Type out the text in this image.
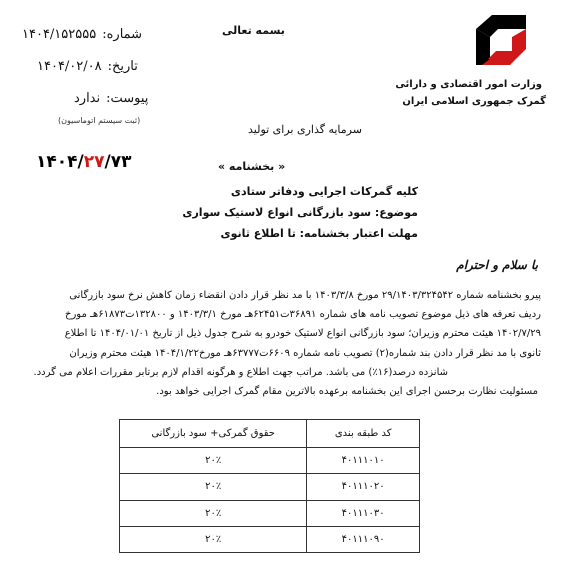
شماره:۱۴۰۴/۱۵۲۵۵۵
تاریخ:۱۴۰۴/۰۲/۰۸
پیوست:ندارد
(ثبت سیستم اتوماسیون)
بسمه تعالی
وزارت امور اقتصادی و دارائی
گمرک جمهوری اسلامی ایران
سرمایه گذاری برای تولید
۱۴۰۴/۲۷/۷۳	« بخشنامه »
کلیه گمرکات اجرایی ودفاتر ستادی
موضوع: سود بازرگانی انواع لاستیک سواری
مهلت اعتبار بخشنامه: تا اطلاع ثانوی
با سلام و احترام
پیرو بخشنامه شماره ۲۹/۱۴۰۳/۳۲۴۵۴۲ مورخ ۱۴۰۳/۳/۸ با مد نظر قرار دادن انقضاء زمان کاهش نرخ سود بازرگانی
ردیف تعرفه های ذیل موضوع تصویب نامه های شماره ۳۶۸۹۱ت۶۲۴۵۱هـ مورخ ۱۴۰۳/۳/۱ و ۱۳۲۸۰۰ت۶۱۸۷۳هـ مورخ
۱۴۰۲/۷/۲۹ هیئت محترم وزیران؛ سود بازرگانی انواع لاستیک خودرو به شرح جدول ذیل از تاریخ ۱۴۰۴/۰۱/۰۱ تا اطلاع
ثانوی با مد نظر قرار دادن بند شماره(۲) تصویب نامه شماره ۶۶۰۹ت۶۳۷۷۷هـ مورخ۱۴۰۴/۱/۲۲ هیئت محترم وزیران
شانزده درصد(۱۶٪) می باشد. مراتب جهت اطلاع و هرگونه اقدام لازم برتابر مقررات اعلام می گردد.
مسئولیت نظارت برحسن اجرای این بخشنامه برعهده بالاترین مقام گمرک اجرایی خواهد بود.
کد طبقه بندی	حقوق گمرکی+ سود بازرگانی
۴۰۱۱۱۰۱۰	۲۰٪
۴۰۱۱۱۰۲۰	۲۰٪
۴۰۱۱۱۰۳۰	۲۰٪
۴۰۱۱۱۰۹۰	۲۰٪
